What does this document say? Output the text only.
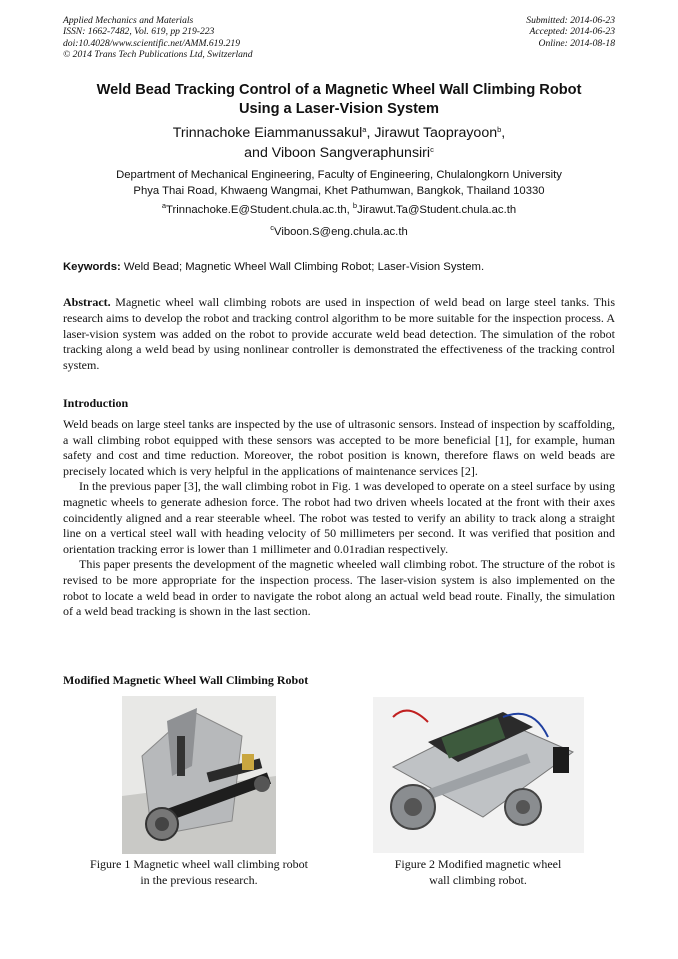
Applied Mechanics and Materials
ISSN: 1662-7482, Vol. 619, pp 219-223
doi:10.4028/www.scientific.net/AMM.619.219
© 2014 Trans Tech Publications Ltd, Switzerland
Submitted: 2014-06-23
Accepted: 2014-06-23
Online: 2014-08-18
Weld Bead Tracking Control of a Magnetic Wheel Wall Climbing Robot
Using a Laser-Vision System
Trinnachoke Eiammanussakul$^a$, Jirawut Taoprayoon$^b$,
and Viboon Sangveraphunsiri$^c$
Department of Mechanical Engineering, Faculty of Engineering, Chulalongkorn University
Phya Thai Road, Khwaeng Wangmai, Khet Pathumwan, Bangkok, Thailand 10330
$^a$Trinnachoke.E@Student.chula.ac.th, $^b$Jirawut.Ta@Student.chula.ac.th
$^c$Viboon.S@eng.chula.ac.th
Keywords: Weld Bead; Magnetic Wheel Wall Climbing Robot; Laser-Vision System.
Abstract. Magnetic wheel wall climbing robots are used in inspection of weld bead on large steel tanks. This research aims to develop the robot and tracking control algorithm to be more suitable for the inspection process. A laser-vision system was added on the robot to provide accurate weld bead detection. The simulation of the robot tracking along a weld bead by using nonlinear controller is demonstrated the effectiveness of the tracking control system.
Introduction

Weld beads on large steel tanks are inspected by the use of ultrasonic sensors. Instead of inspection by scaffolding, a wall climbing robot equipped with these sensors was accepted to be more beneficial [1], for example, human safety and cost and time reduction. Moreover, the robot position is known, therefore flaws on weld beads are precisely located which is very helpful in the applications of maintenance services [2].

In the previous paper [3], the wall climbing robot in Fig. 1 was developed to operate on a steel surface by using magnetic wheels to generate adhesion force. The robot had two driven wheels located at the front with their axes coincidently aligned and a rear steerable wheel. The robot was tested to verify an ability to track along a straight line on a vertical steel wall with heading velocity of 50 millimeters per second. It was verified that position and orientation tracking error is lower than 1 millimeter and 0.01radian respectively.

This paper presents the development of the magnetic wheeled wall climbing robot. The structure of the robot is revised to be more appropriate for the inspection process. The laser-vision system is also implemented on the robot to locate a weld bead in order to navigate the robot along an actual weld bead route. Finally, the simulation of a weld bead tracking is shown in the last section.

Modified Magnetic Wheel Wall Climbing Robot
Figure 1 Magnetic wheel wall climbing robot
in the previous research.
Figure 2 Modified magnetic wheel
wall climbing robot.
